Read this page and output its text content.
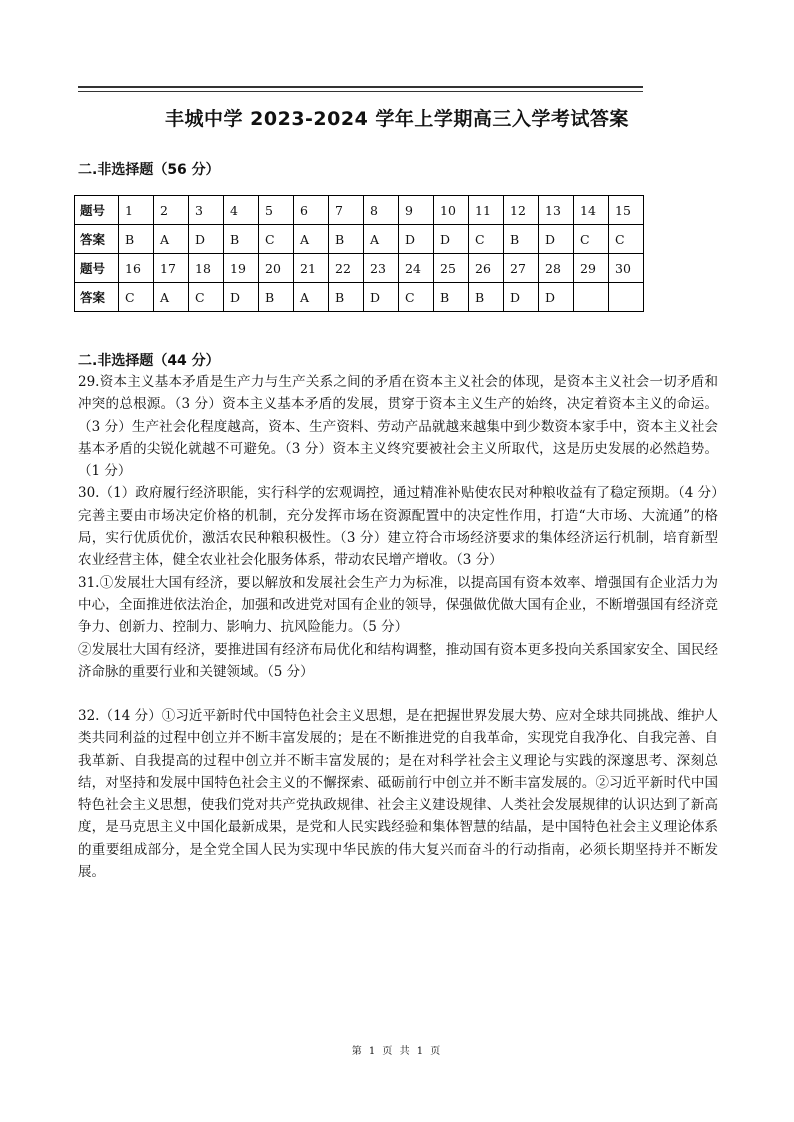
丰城中学 2023-2024 学年上学期高三入学考试答案
二.非选择题（56 分）
题号	1	2	3	4	5	6	7	8	9	10	11	12	13	14	15
答案	B	A	D	B	C	A	B	A	D	D	C	B	D	C	C
题号	16	17	18	19	20	21	22	23	24	25	26	27	28	29	30
答案	C	A	C	D	B	A	B	D	C	B	B	D	D		
二.非选择题（44 分）

29.资本主义基本矛盾是生产力与生产关系之间的矛盾在资本主义社会的体现，是资本主义社会一切矛盾和冲突的总根源。（3 分）资本主义基本矛盾的发展，贯穿于资本主义生产的始终，决定着资本主义的命运。（3 分）生产社会化程度越高，资本、生产资料、劳动产品就越来越集中到少数资本家手中，资本主义社会基本矛盾的尖锐化就越不可避免。（3 分）资本主义终究要被社会主义所取代，这是历史发展的必然趋势。（1 分）

30.（1）政府履行经济职能，实行科学的宏观调控，通过精准补贴使农民对种粮收益有了稳定预期。（4 分）完善主要由市场决定价格的机制，充分发挥市场在资源配置中的决定性作用，打造“大市场、大流通”的格局，实行优质优价，激活农民种粮积极性。（3 分）建立符合市场经济要求的集体经济运行机制，培育新型农业经营主体，健全农业社会化服务体系，带动农民增产增收。（3 分）

31.①发展壮大国有经济，要以解放和发展社会生产力为标准，以提高国有资本效率、增强国有企业活力为中心，全面推进依法治企，加强和改进党对国有企业的领导，保强做优做大国有企业，不断增强国有经济竞争力、创新力、控制力、影响力、抗风险能力。（5 分）

②发展壮大国有经济，要推进国有经济布局优化和结构调整，推动国有资本更多投向关系国家安全、国民经济命脉的重要行业和关键领域。（5 分）

32.（14 分）①习近平新时代中国特色社会主义思想，是在把握世界发展大势、应对全球共同挑战、维护人类共同利益的过程中创立并不断丰富发展的；是在不断推进党的自我革命，实现党自我净化、自我完善、自我革新、自我提高的过程中创立并不断丰富发展的；是在对科学社会主义理论与实践的深邃思考、深刻总结，对坚持和发展中国特色社会主义的不懈探索、砥砺前行中创立并不断丰富发展的。②习近平新时代中国特色社会主义思想，使我们党对共产党执政规律、社会主义建设规律、人类社会发展规律的认识达到了新高度，是马克思主义中国化最新成果，是党和人民实践经验和集体智慧的结晶，是中国特色社会主义理论体系的重要组成部分，是全党全国人民为实现中华民族的伟大复兴而奋斗的行动指南，必须长期坚持并不断发展。
第 1 页 共 1 页
